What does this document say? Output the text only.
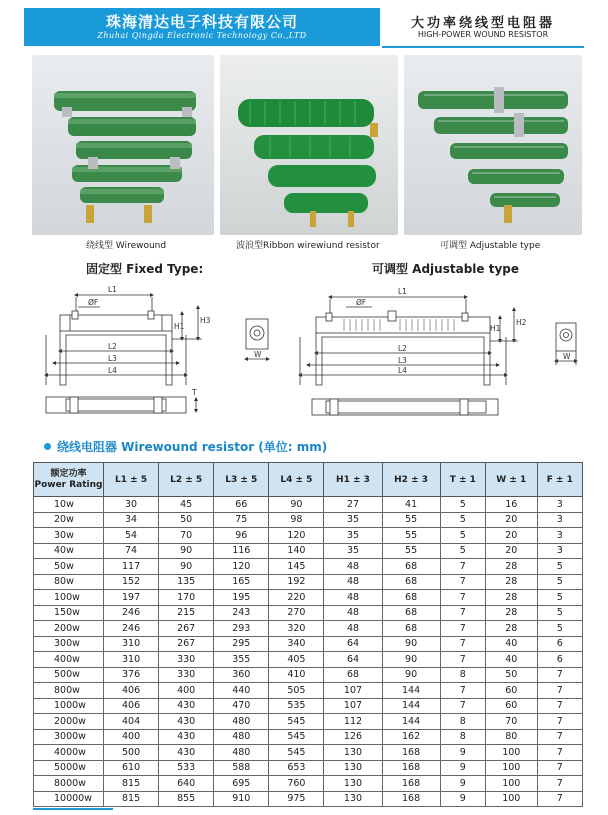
珠海清达电子科技有限公司
Zhuhai Qingda Electronic Technoiogy Co.,LTD
大功率绕线型电阻器
HIGH-POWER WOUND RESISTOR
绕线型 Wirewound	波浪型Ribbon wirewiund resistor	可调型 Adjustable type
固定型 Fixed Type:	可调型 Adjustable type
L1
ØF
L2
L3
L4
H1
H3
W
T
L1
ØF
L2
L3
L4
H1
H2
W
绕线电阻器 Wirewound resistor (单位: mm)
额定功率
Power Rating	L1 ± 5	L2 ± 5	L3 ± 5	L4 ± 5	H1 ± 3	H2 ± 3	T ± 1	W ± 1	F ± 1
10w	30	45	66	90	27	41	5	16	3
20w	34	50	75	98	35	55	5	20	3
30w	54	70	96	120	35	55	5	20	3
40w	74	90	116	140	35	55	5	20	3
50w	117	90	120	145	48	68	7	28	5
80w	152	135	165	192	48	68	7	28	5
100w	197	170	195	220	48	68	7	28	5
150w	246	215	243	270	48	68	7	28	5
200w	246	267	293	320	48	68	7	28	5
300w	310	267	295	340	64	90	7	40	6
400w	310	330	355	405	64	90	7	40	6
500w	376	330	360	410	68	90	8	50	7
800w	406	400	440	505	107	144	7	60	7
1000w	406	430	470	535	107	144	7	60	7
2000w	404	430	480	545	112	144	8	70	7
3000w	400	430	480	545	126	162	8	80	7
4000w	500	430	480	545	130	168	9	100	7
5000w	610	533	588	653	130	168	9	100	7
8000w	815	640	695	760	130	168	9	100	7
10000w	815	855	910	975	130	168	9	100	7
